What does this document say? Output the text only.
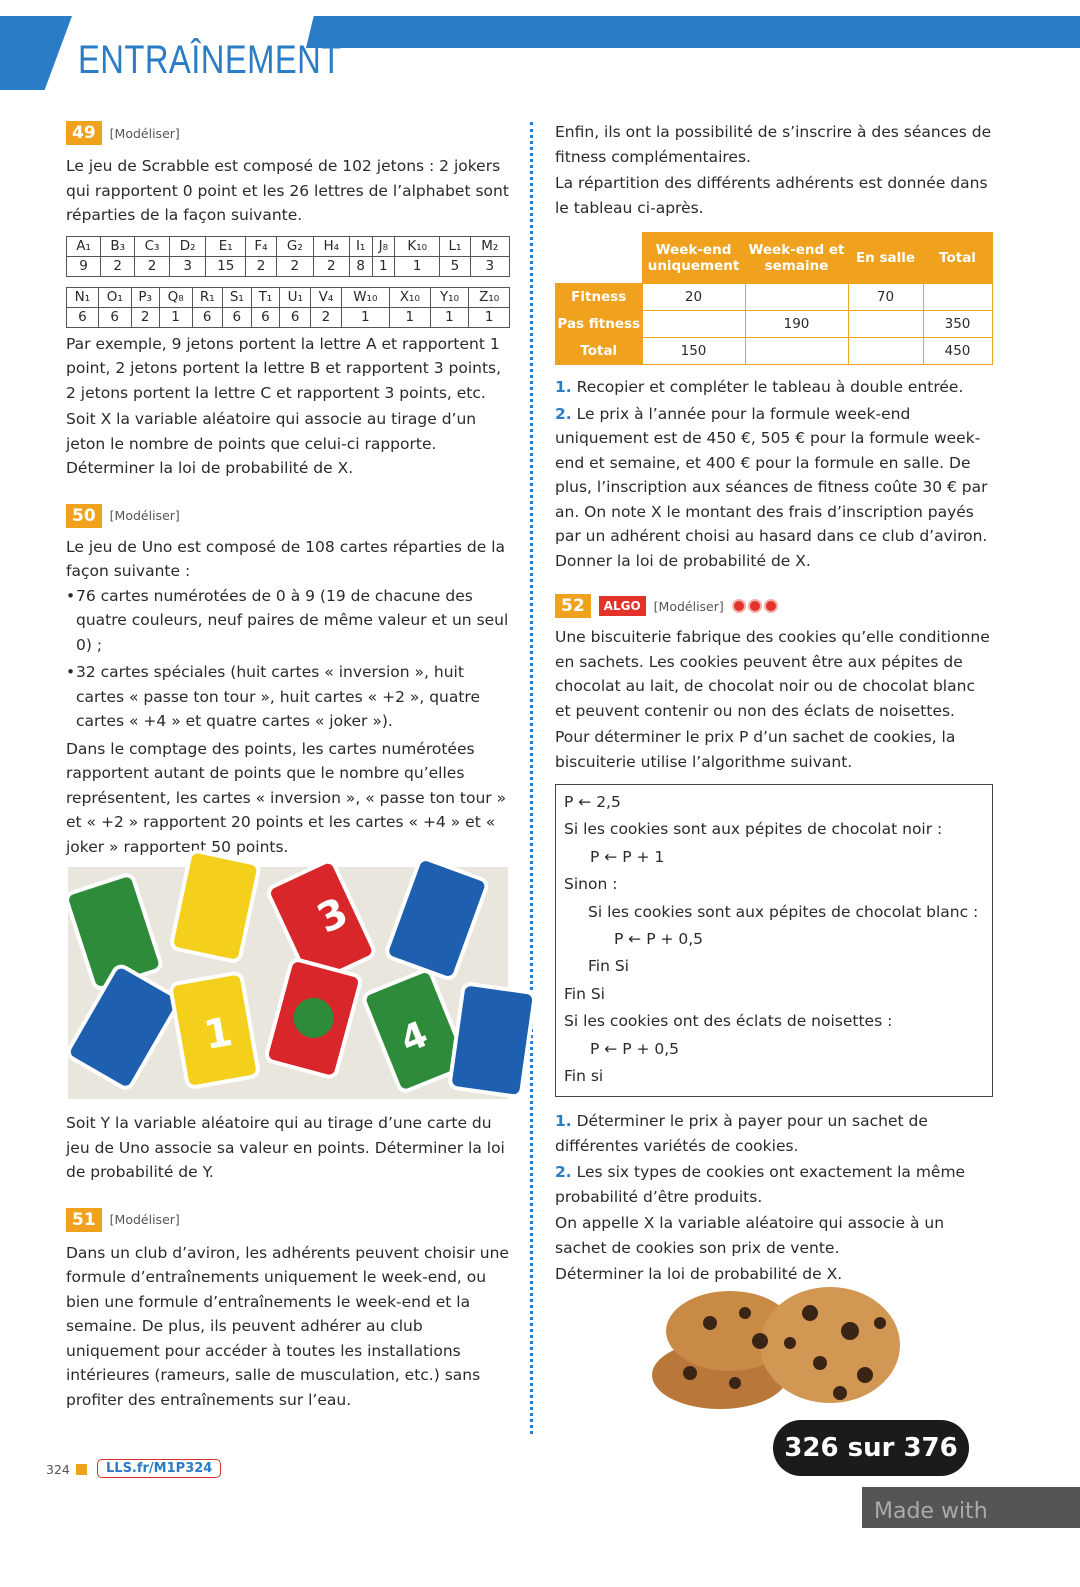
ENTRAÎNEMENT
49	[Modéliser]

Le jeu de Scrabble est composé de 102 jetons : 2 jokers qui rapportent 0 point et les 26 lettres de l’alphabet sont réparties de la façon suivante.

A₁	B₃	C₃	D₂	E₁	F₄	G₂	H₄	I₁	J₈	K₁₀	L₁	M₂
9	2	2	3	15	2	2	2	8	1	1	5	3
N₁	O₁	P₃	Q₈	R₁	S₁	T₁	U₁	V₄	W₁₀	X₁₀	Y₁₀	Z₁₀
6	6	2	1	6	6	6	6	2	1	1	1	1

Par exemple, 9 jetons portent la lettre A et rapportent 1 point, 2 jetons portent la lettre B et rapportent 3 points, 2 jetons portent la lettre C et rapportent 3 points, etc.

Soit X la variable aléatoire qui associe au tirage d’un jeton le nombre de points que celui-ci rapporte. Déterminer la loi de probabilité de X.

50	[Modéliser]

Le jeu de Uno est composé de 108 cartes réparties de la façon suivante :

• 76 cartes numérotées de 0 à 9 (19 de chacune des quatre couleurs, neuf paires de même valeur et un seul 0) ;
• 32 cartes spéciales (huit cartes « inversion », huit cartes « passe ton tour », huit cartes « +2 », quatre cartes « +4 » et quatre cartes « joker »).

Dans le comptage des points, les cartes numérotées rapportent autant de points que le nombre qu’elles représentent, les cartes « inversion », « passe ton tour » et « +2 » rapportent 20 points et les cartes « +4 » et « joker » rapportent 50 points.

3
1	4

Soit Y la variable aléatoire qui au tirage d’une carte du jeu de Uno associe sa valeur en points. Déterminer la loi de probabilité de Y.

51	[Modéliser]

Dans un club d’aviron, les adhérents peuvent choisir une formule d’entraînements uniquement le week-end, ou bien une formule d’entraînements le week-end et la semaine. De plus, ils peuvent adhérer au club uniquement pour accéder à toutes les installations intérieures (rameurs, salle de musculation, etc.) sans profiter des entraînements sur l’eau.

Enfin, ils ont la possibilité de s’inscrire à des séances de fitness complémentaires.

La répartition des différents adhérents est donnée dans le tableau ci-après.

	Week-end uniquement	Week-end et semaine	En salle	Total
Fitness	20		70	
Pas fitness		190		350
Total	150			450

1. Recopier et compléter le tableau à double entrée.

2. Le prix à l’année pour la formule week-end uniquement est de 450 €, 505 € pour la formule week-end et semaine, et 400 € pour la formule en salle. De plus, l’inscription aux séances de fitness coûte 30 € par an. On note X le montant des frais d’inscription payés par un adhérent choisi au hasard dans ce club d’aviron. Donner la loi de probabilité de X.

52	ALGO	[Modéliser]

Une biscuiterie fabrique des cookies qu’elle conditionne en sachets. Les cookies peuvent être aux pépites de chocolat au lait, de chocolat noir ou de chocolat blanc et peuvent contenir ou non des éclats de noisettes.

Pour déterminer le prix P d’un sachet de cookies, la biscuiterie utilise l’algorithme suivant.

P ← 2,5
Si les cookies sont aux pépites de chocolat noir :
P ← P + 1
Sinon :
Si les cookies sont aux pépites de chocolat blanc :
P ← P + 0,5
Fin Si
Fin Si
Si les cookies ont des éclats de noisettes :
P ← P + 0,5
Fin si

1. Déterminer le prix à payer pour un sachet de différentes variétés de cookies.

2. Les six types de cookies ont exactement la même probabilité d’être produits.

On appelle X la variable aléatoire qui associe à un sachet de cookies son prix de vente.

Déterminer la loi de probabilité de X.

324	LLS.fr/M1P324
326 sur 376
Made with calaméo
